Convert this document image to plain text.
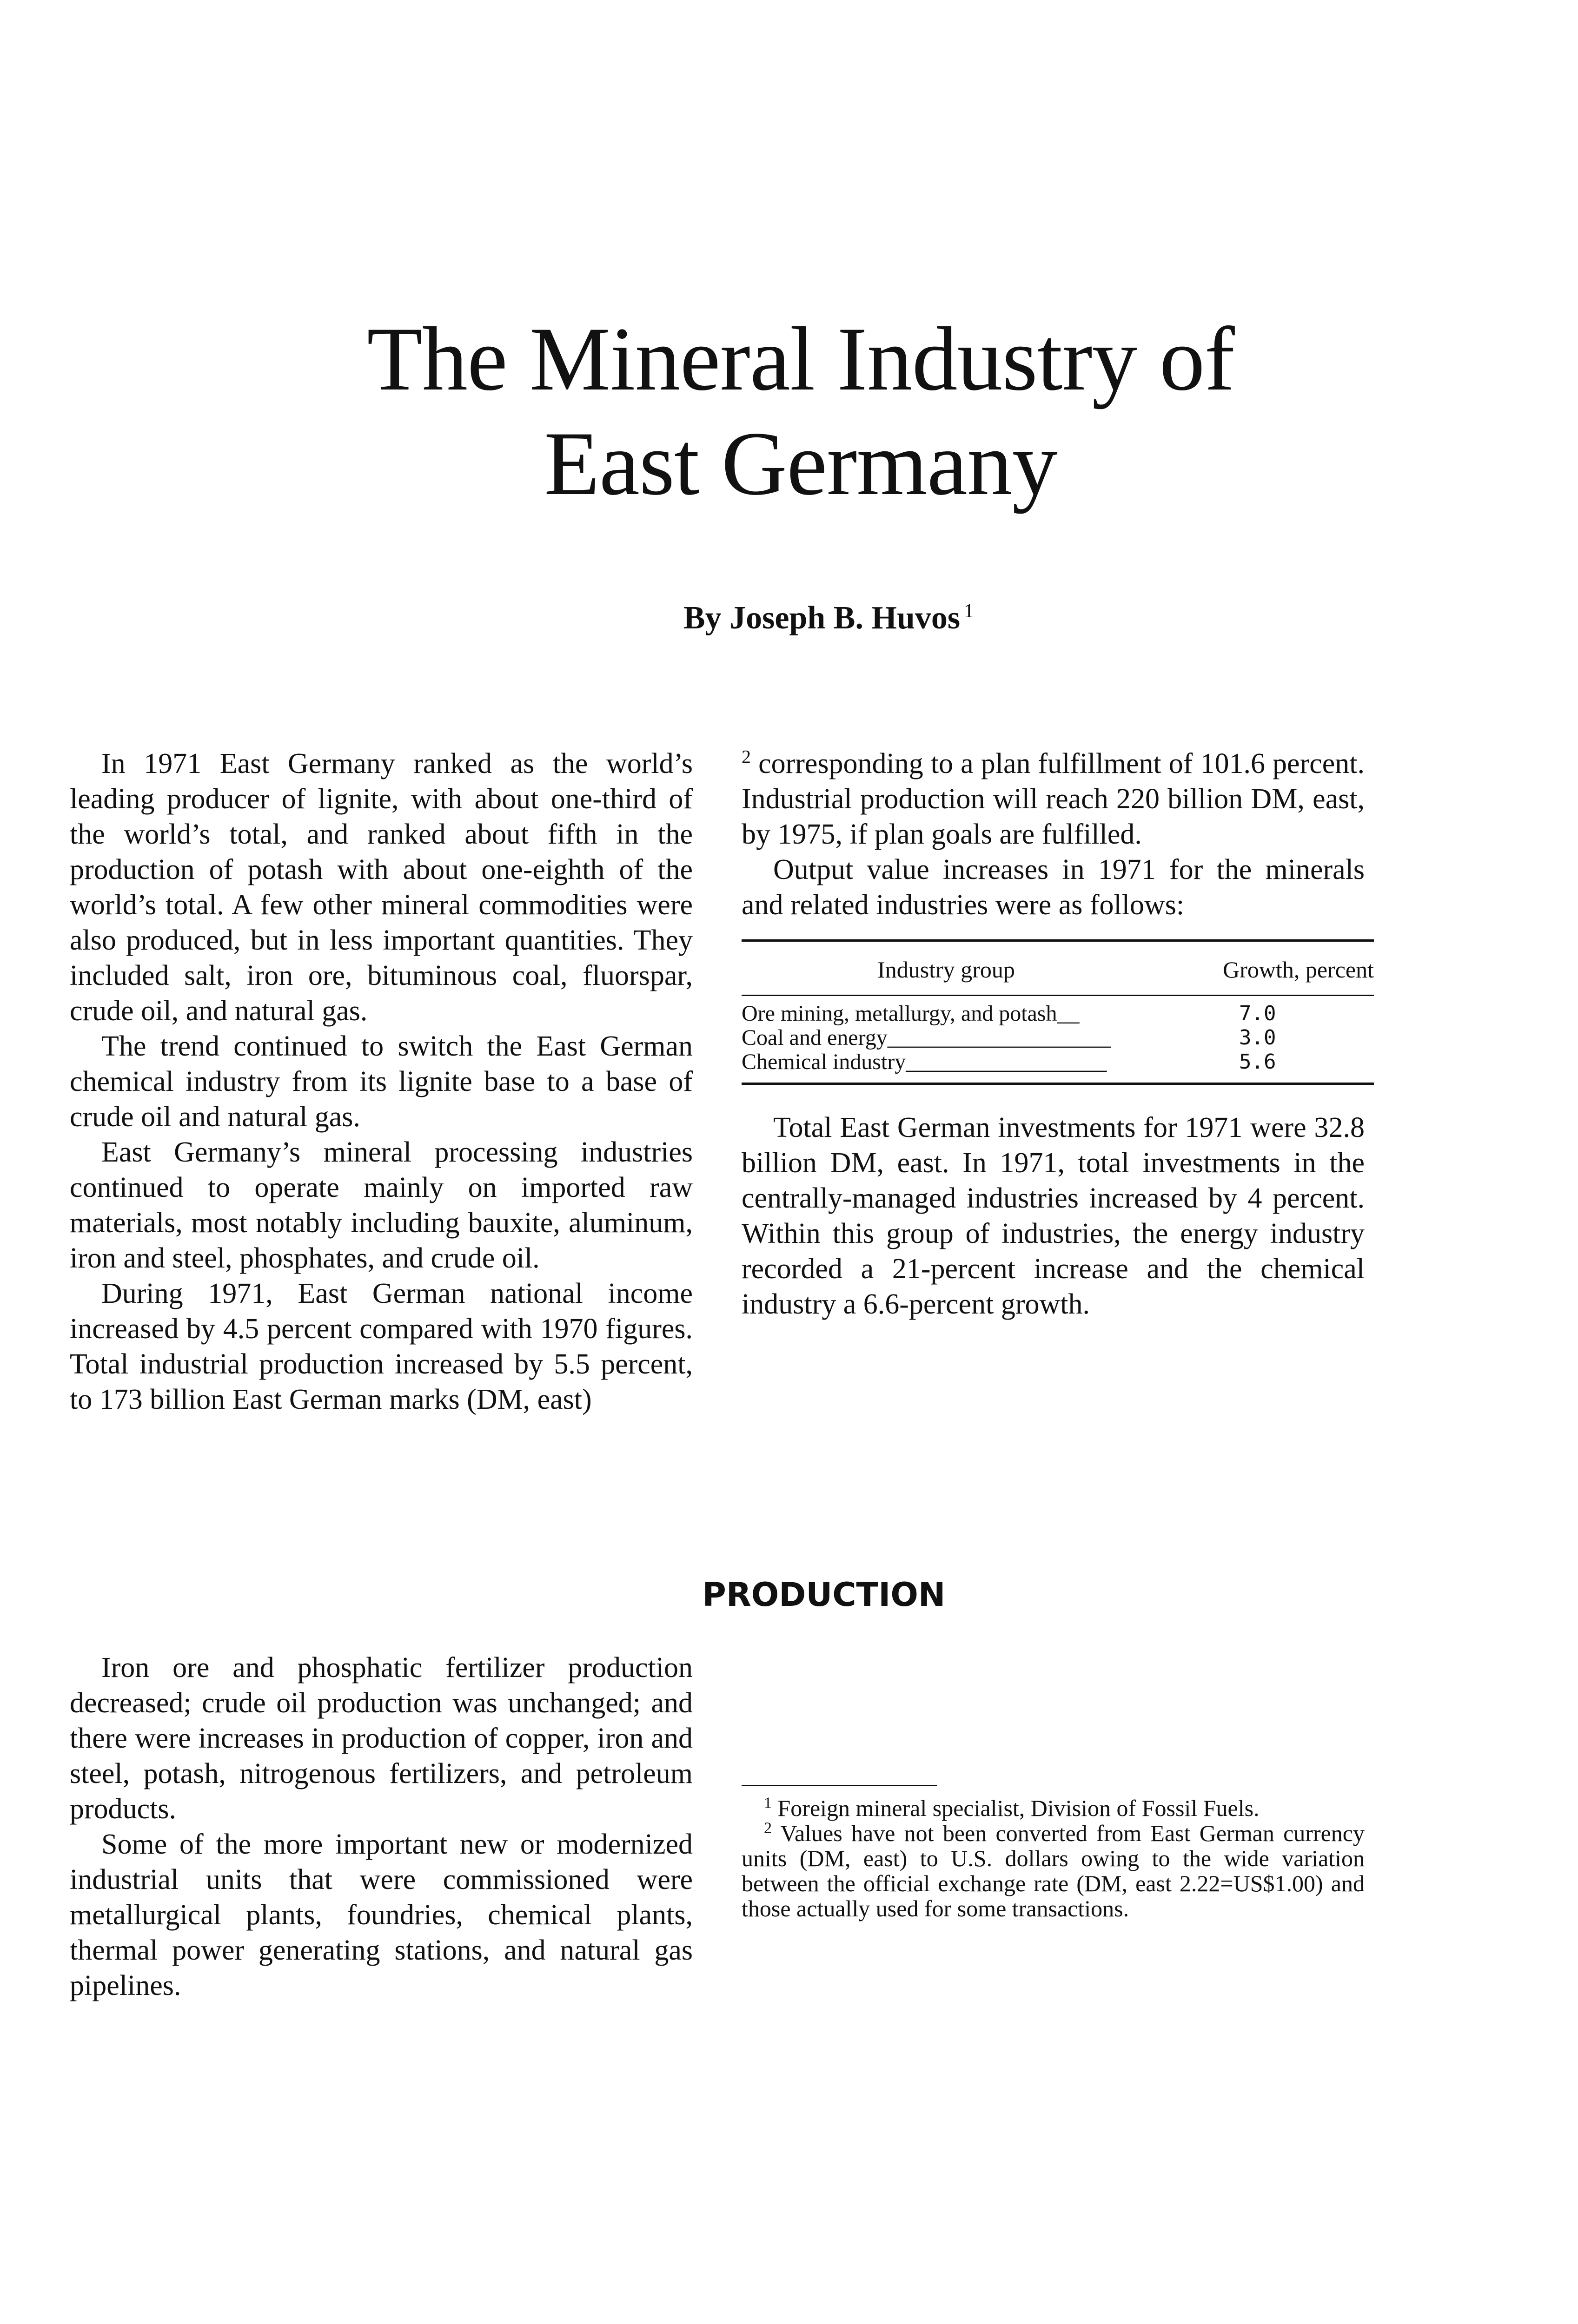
The Mineral Industry of
East Germany
By Joseph B. Huvos $^1$

In 1971 East Germany ranked as the world’s leading producer of lignite, with about one-third of the world’s total, and ranked about fifth in the production of potash with about one-eighth of the world’s total. A few other mineral commodities were also produced, but in less important quantities. They included salt, iron ore, bituminous coal, fluorspar, crude oil, and natural gas.

The trend continued to switch the East German chemical industry from its lignite base to a base of crude oil and natural gas.

East Germany’s mineral processing industries continued to operate mainly on imported raw materials, most notably including bauxite, aluminum, iron and steel, phosphates, and crude oil.

During 1971, East German national income increased by 4.5 percent compared with 1970 figures. Total industrial production increased by 5.5 percent, to 173 billion East German marks (DM, east)

$^2$ corresponding to a plan fulfillment of 101.6 percent. Industrial production will reach 220 billion DM, east, by 1975, if plan goals are fulfilled.

Output value increases in 1971 for the minerals and related industries were as follows:

Industry group	Growth, percent
Ore mining, metallurgy, and potash__	7.0
Coal and energy____________________	3.0
Chemical industry__________________	5.6

Total East German investments for 1971 were 32.8 billion DM, east. In 1971, total investments in the centrally-managed industries increased by 4 percent. Within this group of industries, the energy industry recorded a 21-percent increase and the chemical industry a 6.6-percent growth.

PRODUCTION

Iron ore and phosphatic fertilizer production decreased; crude oil production was unchanged; and there were increases in production of copper, iron and steel, potash, nitrogenous fertilizers, and petroleum products.

Some of the more important new or modernized industrial units that were commissioned were metallurgical plants, foundries, chemical plants, thermal power generating stations, and natural gas pipelines.

$^1$ Foreign mineral specialist, Division of Fossil Fuels.

$^2$ Values have not been converted from East German currency units (DM, east) to U.S. dollars owing to the wide variation between the official exchange rate (DM, east 2.22=US$1.00) and those actually used for some transactions.
